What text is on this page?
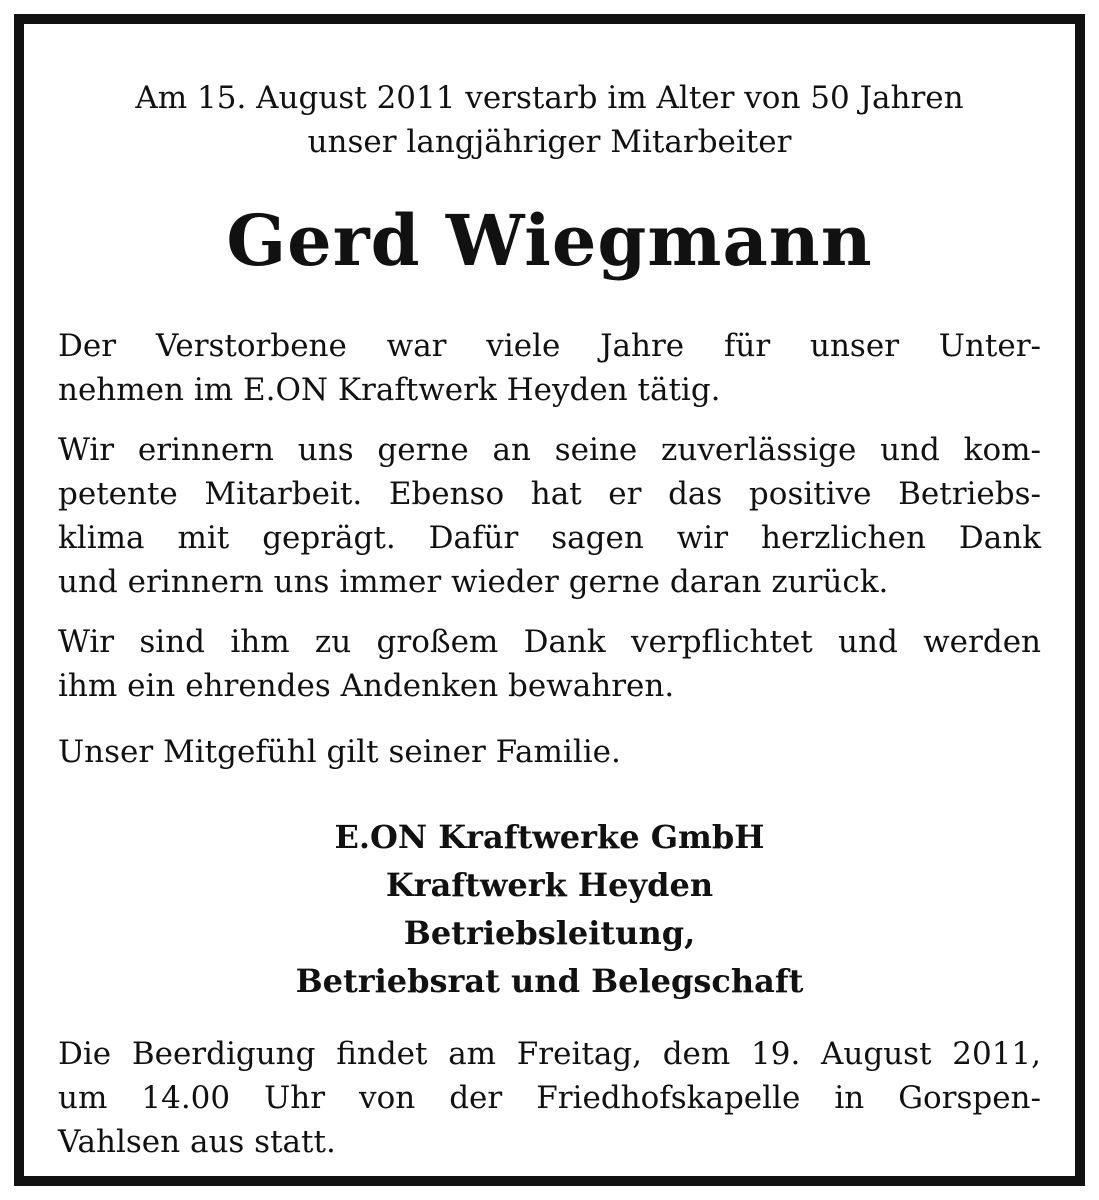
Am 15. August 2011 verstarb im Alter von 50 Jahren
unser langjähriger Mitarbeiter
Gerd Wiegmann
Der Verstorbene war viele Jahre für unser Unter-
nehmen im E.ON Kraftwerk Heyden tätig.
Wir erinnern uns gerne an seine zuverlässige und kom-
petente Mitarbeit. Ebenso hat er das positive Betriebs-
klima mit geprägt. Dafür sagen wir herzlichen Dank
und erinnern uns immer wieder gerne daran zurück.
Wir sind ihm zu großem Dank verpflichtet und werden
ihm ein ehrendes Andenken bewahren.
Unser Mitgefühl gilt seiner Familie.
E.ON Kraftwerke GmbH
Kraftwerk Heyden
Betriebsleitung,
Betriebsrat und Belegschaft
Die Beerdigung findet am Freitag, dem 19. August 2011,
um 14.00 Uhr von der Friedhofskapelle in Gorspen-
Vahlsen aus statt.
